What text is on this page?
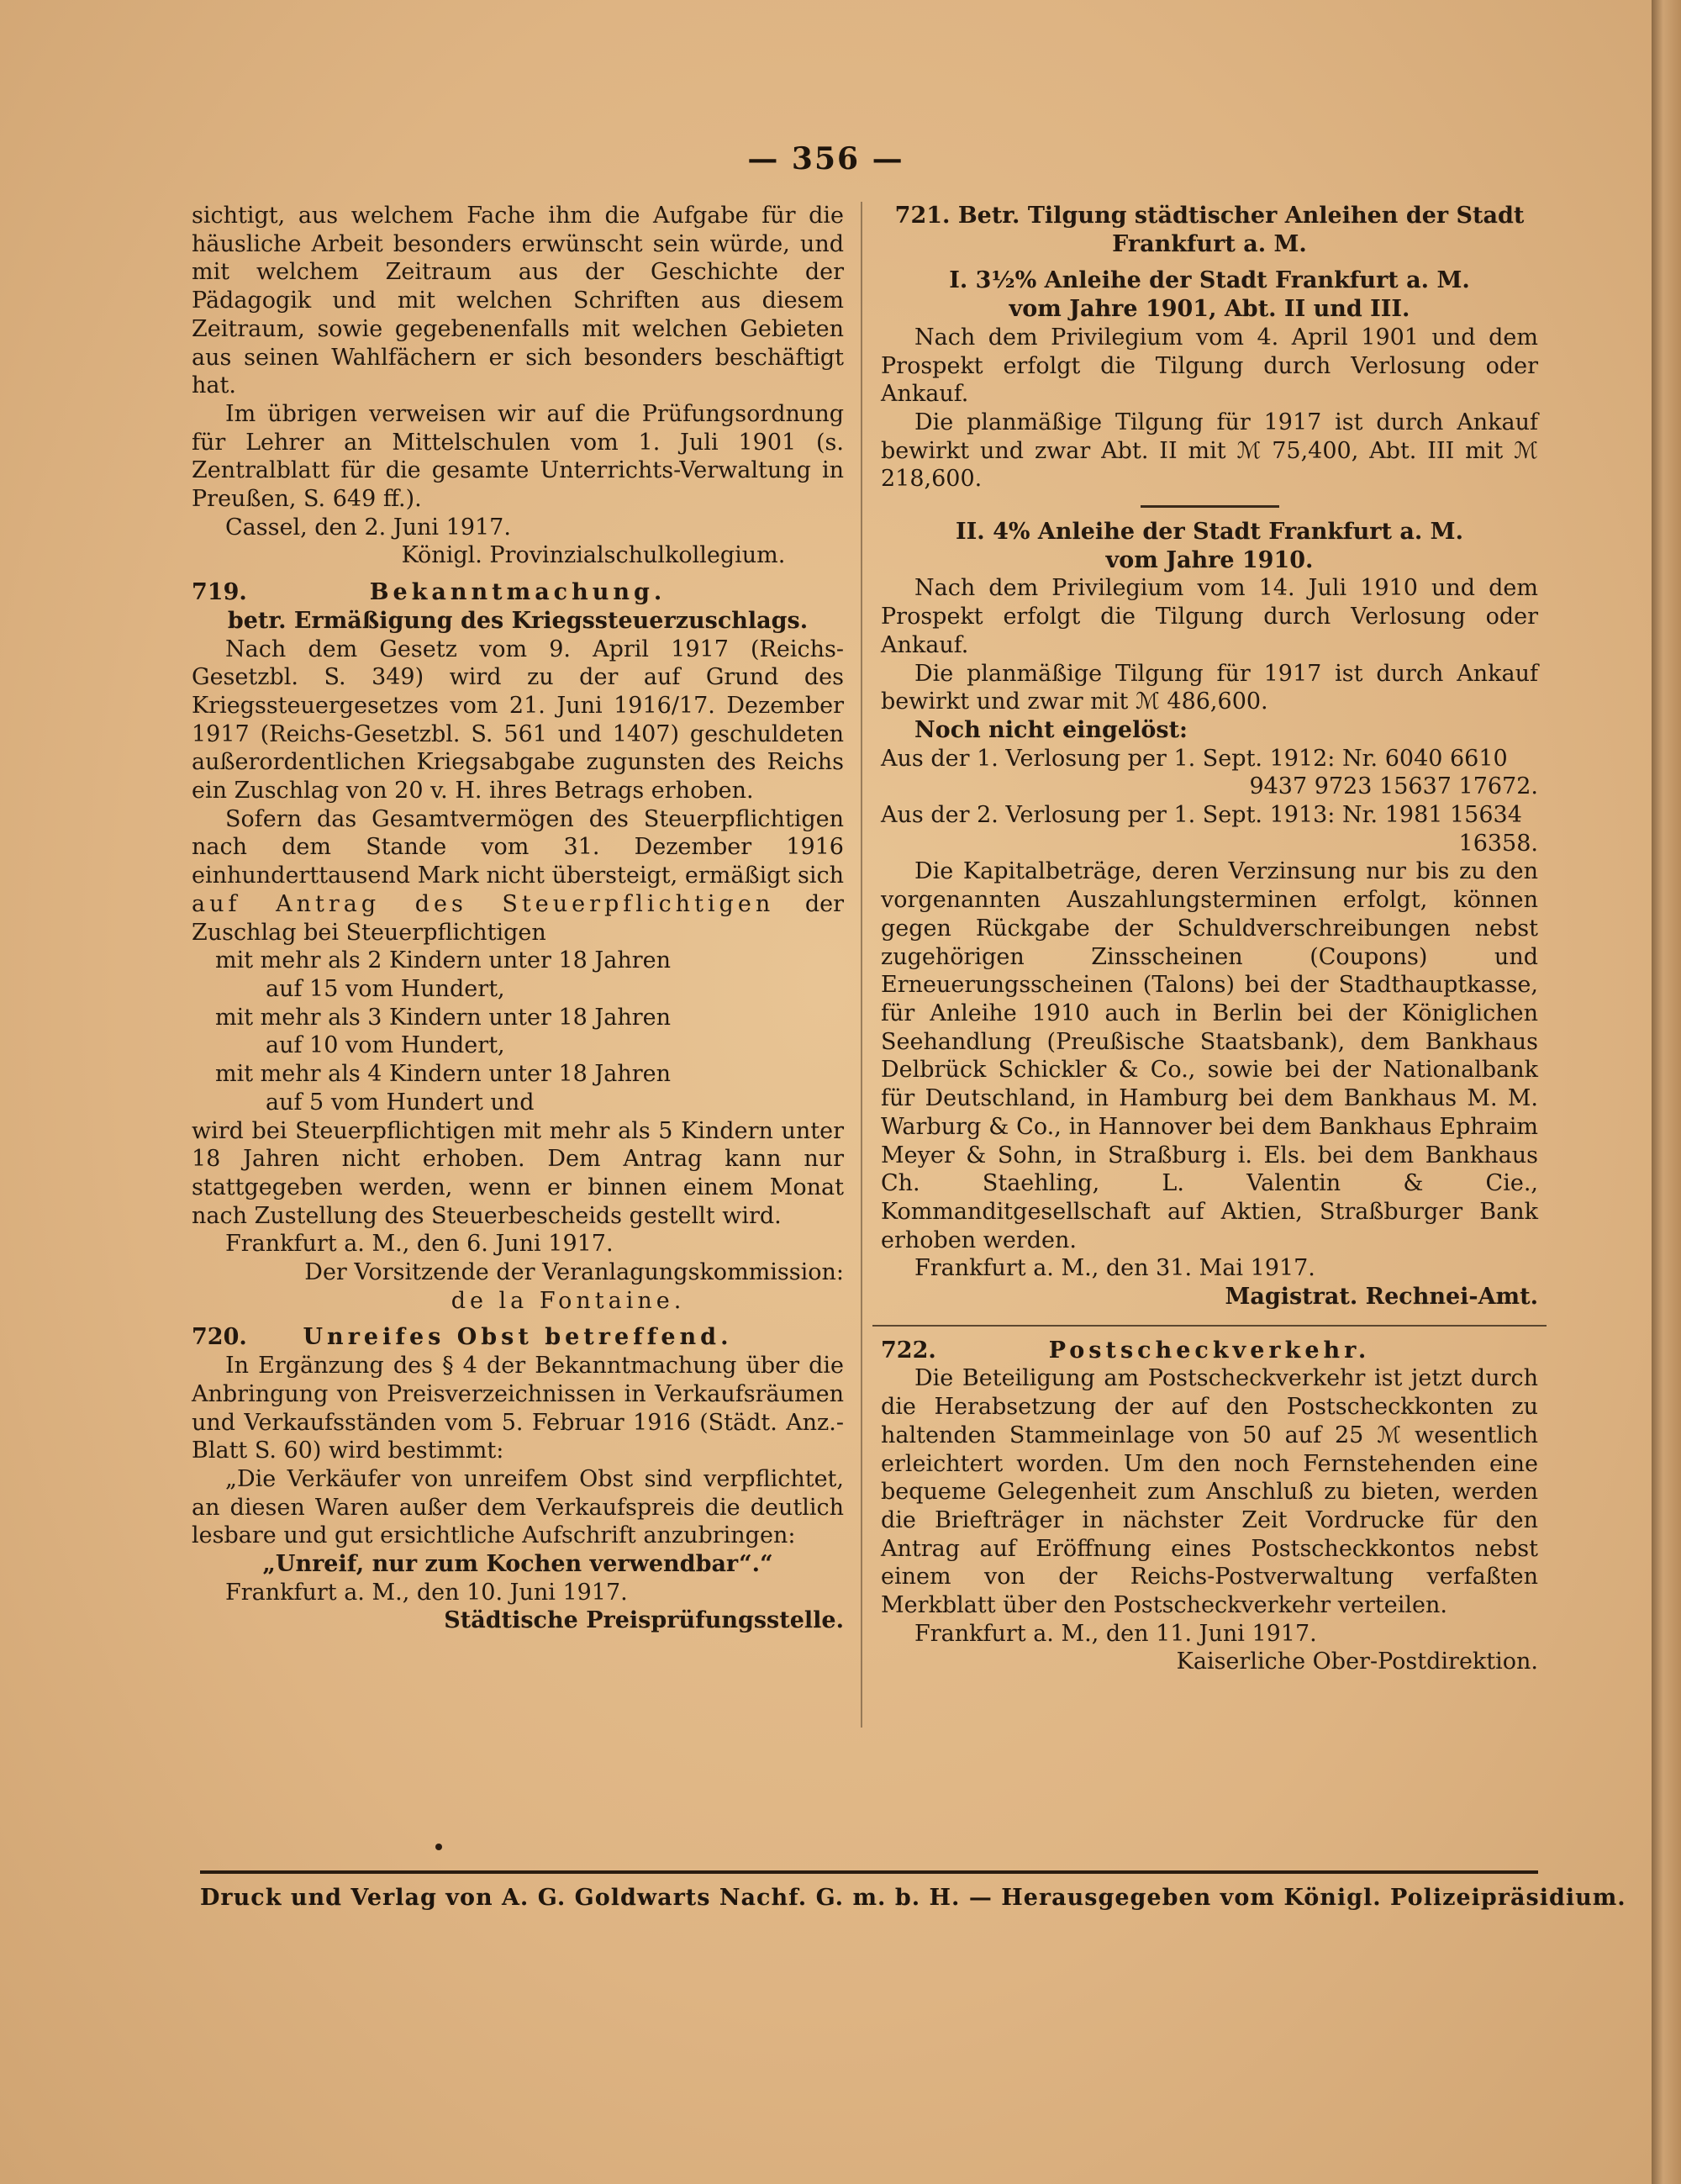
— 356 —

sichtigt, aus welchem Fache ihm die Aufgabe für die häusliche Arbeit besonders erwünscht sein würde, und mit welchem Zeitraum aus der Geschichte der Pädagogik und mit welchen Schriften aus diesem Zeitraum, sowie gegebenenfalls mit welchen Gebieten aus seinen Wahlfächern er sich besonders beschäftigt hat.

Im übrigen verweisen wir auf die Prüfungsordnung für Lehrer an Mittelschulen vom 1. Juli 1901 (s. Zentralblatt für die gesamte Unterrichts-Verwaltung in Preußen, S. 649 ff.).

Cassel, den 2. Juni 1917.

Königl. Provinzialschulkollegium.

719.	Bekanntmachung.

betr. Ermäßigung des Kriegssteuerzuschlags.

Nach dem Gesetz vom 9. April 1917 (Reichs-Gesetzbl. S. 349) wird zu der auf Grund des Kriegssteuergesetzes vom 21. Juni 1916/17. Dezember 1917 (Reichs-Gesetzbl. S. 561 und 1407) geschuldeten außerordentlichen Kriegsabgabe zugunsten des Reichs ein Zuschlag von 20 v. H. ihres Betrags erhoben.

Sofern das Gesamtvermögen des Steuerpflichtigen nach dem Stande vom 31. Dezember 1916 einhunderttausend Mark nicht übersteigt, ermäßigt sich auf Antrag des Steuerpflichtigen der Zuschlag bei Steuerpflichtigen

mit mehr als 2 Kindern unter 18 Jahren

auf 15 vom Hundert,

mit mehr als 3 Kindern unter 18 Jahren

auf 10 vom Hundert,

mit mehr als 4 Kindern unter 18 Jahren

auf 5 vom Hundert und

wird bei Steuerpflichtigen mit mehr als 5 Kindern unter 18 Jahren nicht erhoben. Dem Antrag kann nur stattgegeben werden, wenn er binnen einem Monat nach Zustellung des Steuerbescheids gestellt wird.

Frankfurt a. M., den 6. Juni 1917.

Der Vorsitzende der Veranlagungskommission:

de la Fontaine.

720.	Unreifes Obst betreffend.

In Ergänzung des § 4 der Bekanntmachung über die Anbringung von Preisverzeichnissen in Verkaufsräumen und Verkaufsständen vom 5. Februar 1916 (Städt. Anz.-Blatt S. 60) wird bestimmt:

„Die Verkäufer von unreifem Obst sind verpflichtet, an diesen Waren außer dem Verkaufspreis die deutlich lesbare und gut ersichtliche Aufschrift anzubringen:

„Unreif, nur zum Kochen verwendbar“.“

Frankfurt a. M., den 10. Juni 1917.

Städtische Preisprüfungsstelle.

721. Betr. Tilgung städtischer Anleihen der Stadt

Frankfurt a. M.

I. 3½% Anleihe der Stadt Frankfurt a. M.

vom Jahre 1901, Abt. II und III.

Nach dem Privilegium vom 4. April 1901 und dem Prospekt erfolgt die Tilgung durch Verlosung oder Ankauf.

Die planmäßige Tilgung für 1917 ist durch Ankauf bewirkt und zwar Abt. II mit ℳ 75,400, Abt. III mit ℳ 218,600.

II. 4% Anleihe der Stadt Frankfurt a. M.

vom Jahre 1910.

Nach dem Privilegium vom 14. Juli 1910 und dem Prospekt erfolgt die Tilgung durch Verlosung oder Ankauf.

Die planmäßige Tilgung für 1917 ist durch Ankauf bewirkt und zwar mit ℳ 486,600.

Noch nicht eingelöst:

Aus der 1. Verlosung per 1. Sept. 1912: Nr. 6040 6610

9437 9723 15637 17672.

Aus der 2. Verlosung per 1. Sept. 1913: Nr. 1981 15634

16358.

Die Kapitalbeträge, deren Verzinsung nur bis zu den vorgenannten Auszahlungsterminen erfolgt, können gegen Rückgabe der Schuldverschreibungen nebst zugehörigen Zinsscheinen (Coupons) und Erneuerungsscheinen (Talons) bei der Stadthauptkasse, für Anleihe 1910 auch in Berlin bei der Königlichen Seehandlung (Preußische Staatsbank), dem Bankhaus Delbrück Schickler & Co., sowie bei der Nationalbank für Deutschland, in Hamburg bei dem Bankhaus M. M. Warburg & Co., in Hannover bei dem Bankhaus Ephraim Meyer & Sohn, in Straßburg i. Els. bei dem Bankhaus Ch. Staehling, L. Valentin & Cie., Kommanditgesellschaft auf Aktien, Straßburger Bank erhoben werden.

Frankfurt a. M., den 31. Mai 1917.

Magistrat. Rechnei-Amt.

722.	Postscheckverkehr.

Die Beteiligung am Postscheckverkehr ist jetzt durch die Herabsetzung der auf den Postscheckkonten zu haltenden Stammeinlage von 50 auf 25 ℳ wesentlich erleichtert worden. Um den noch Fernstehenden eine bequeme Gelegenheit zum Anschluß zu bieten, werden die Briefträger in nächster Zeit Vordrucke für den Antrag auf Eröffnung eines Postscheckkontos nebst einem von der Reichs-Postverwaltung verfaßten Merkblatt über den Postscheckverkehr verteilen.

Frankfurt a. M., den 11. Juni 1917.

Kaiserliche Ober-Postdirektion.

Druck und Verlag von A. G. Goldwarts Nachf. G. m. b. H. — Herausgegeben vom Königl. Polizeipräsidium.
